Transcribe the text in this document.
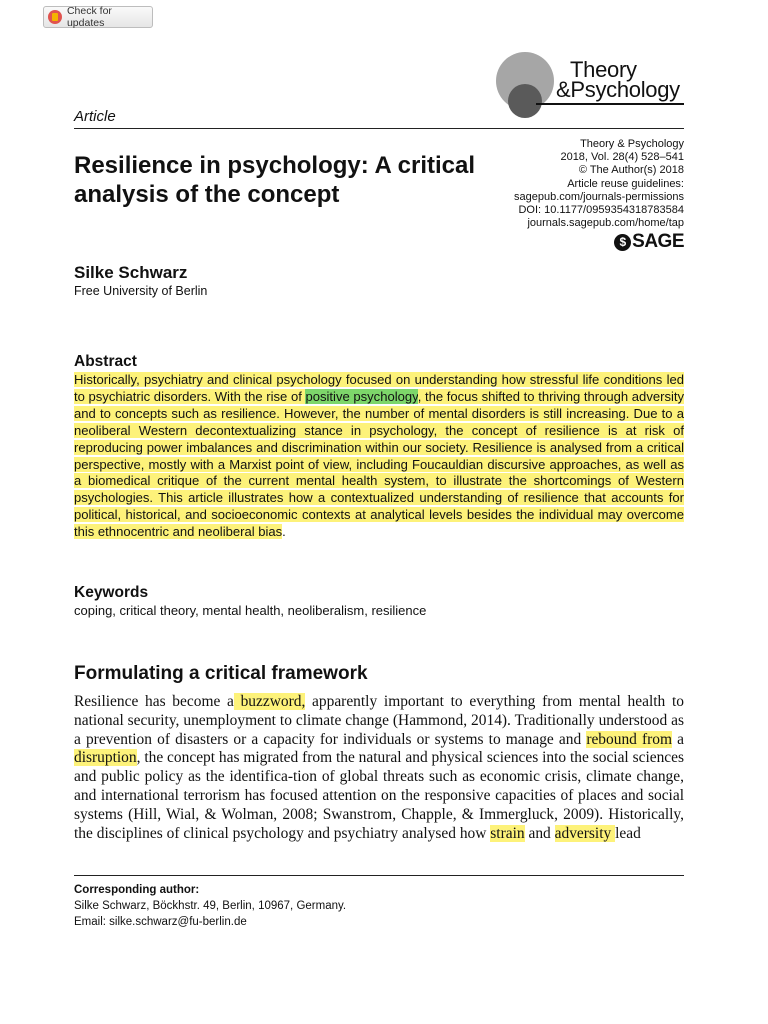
Check for updates
Theory
&Psychology
Article
Resilience in psychology: A critical analysis of the concept
Theory & Psychology
2018, Vol. 28(4) 528–541
© The Author(s) 2018
Article reuse guidelines:
sagepub.com/journals-permissions
DOI: 10.1177/0959354318783584
journals.sagepub.com/home/tap
$ SAGE
Silke Schwarz
Free University of Berlin
Abstract
Historically, psychiatry and clinical psychology focused on understanding how stressful life conditions led to psychiatric disorders. With the rise of positive psychology, the focus shifted to thriving through adversity and to concepts such as resilience. However, the number of mental disorders is still increasing. Due to a neoliberal Western decontextualizing stance in psychology, the concept of resilience is at risk of reproducing power imbalances and discrimination within our society. Resilience is analysed from a critical perspective, mostly with a Marxist point of view, including Foucauldian discursive approaches, as well as a biomedical critique of the current mental health system, to illustrate the shortcomings of Western psychologies. This article illustrates how a contextualized understanding of resilience that accounts for political, historical, and socioeconomic contexts at analytical levels besides the individual may overcome this ethnocentric and neoliberal bias.
Keywords
coping, critical theory, mental health, neoliberalism, resilience
Formulating a critical framework
Resilience has become a buzzword, apparently important to everything from mental health to national security, unemployment to climate change (Hammond, 2014). Traditionally understood as a prevention of disasters or a capacity for individuals or systems to manage and rebound from a disruption, the concept has migrated from the natural and physical sciences into the social sciences and public policy as the identifica-tion of global threats such as economic crisis, climate change, and international terrorism has focused attention on the responsive capacities of places and social systems (Hill, Wial, & Wolman, 2008; Swanstrom, Chapple, & Immergluck, 2009). Historically, the disciplines of clinical psychology and psychiatry analysed how strain and adversity lead
Corresponding author:
Silke Schwarz, Böckhstr. 49, Berlin, 10967, Germany.
Email: silke.schwarz@fu-berlin.de
